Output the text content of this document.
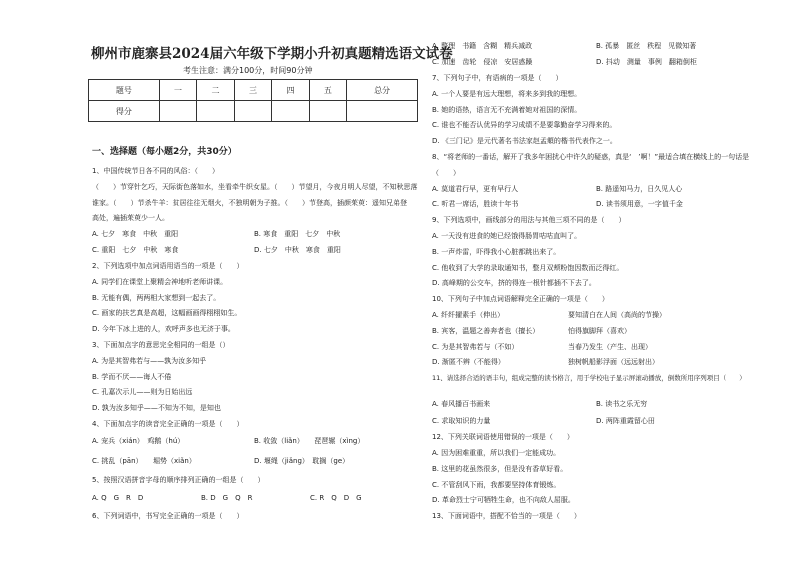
柳州市鹿寨县2024届六年级下学期小升初真题精选语文试卷
考生注意：满分100分，时间90分钟
题号	一	二	三	四	五	总分
得分						
一、选择题（每小题2分，共30分）
1、中国传统节日各不同的风俗：（　　）
（　　）节穿针乞巧，天际街色落如水，坐看牵牛织女星。（　　）节望月，今夜月明人尽望，不知秋思落
谁家。（　　）节杀牛羊：贫居往往无烟火，不独明朝为子推。（　　）节登高，插颜茱萸：遥知兄弟登
高处，遍插茱萸少一人。
A. 七夕　寒食　中秋　重阳	B. 寒食　重阳　七夕　中秋
C. 重阳　七夕　中秋　寒食	D. 七夕　中秋　寒食　重阳
2、下列选项中加点词语用语当的一项是（　　）
A. 同学们在课堂上聚精会神地听老师讲课。
B. 无能有偶，两两相大家想到一起去了。
C. 画家的扶艺真是高超，这幅画画得栩栩如生。
D. 今年下冰上进的人，欢呼声多也无济于事。
3、下面加点字的意思完全相同的一组是（）
A. 为是其智弗若与——孰为汝多知乎
B. 学而不厌——诲人不倦
C. 孔嘉次示儿——则为日始出远
D. 孰为汝多知乎——不知为不知，是知也
4、下面加点字的读音完全正确的一项是（　　）
A. 宠兵（xián）　鸡鹅（hú）	B. 收敛（liǎn）　　琵琶辗（xìng）
C. 挑乱（pān）　　堀势（xiǎn）	D. 堰绳（jiǎng）　耽搁（ge）
5、按照汉语拼音字母的顺序排列正确的一组是（　　）
A. Q　G　R　D	B. D　G　Q　R	C. R　Q　D　G
6、下列词语中，书写完全正确的一项是（　　）
A. 整理　书籍　含糊　精兵减政	B. 孤暴　匿丝　秩程　见微知著
C. 加速　齿轮　侵凉　安居惑躁	D. 抖动　测量　事例　翻箱倒柜
7、下列句子中，有语病的一项是（　　）
A. 一个人要是有远大理想，将来多到我的理想。
B. 她的语热，语言无不充满着她对祖国的深情。
C. 谁也不能否认优异的学习成绩不是要靠勤奋学习得来的。
D. 《三门记》是元代著名书法家赵孟頫的楷书代表作之一。
8、“将老师的一番话，解开了我多年困扰心中许久的疑惑，真是‘　’啊！”最适合填在横线上的一句话是
（　　）
A. 莫道君行早，更有早行人	B. 路遥知马力，日久见人心
C. 听君一席话，胜读十年书	D. 读书须用意，一字值千金
9、下列选项中，画线部分的用法与其他三项不同的是（　　）
A. 一天没有进食的她已经饿得肠胃咕咕直叫了。
B. 一声炸雷，吓得我小心脏都跳出来了。
C. 他收到了大学的录取通知书，整月双颊粉饱因数而泛得红。
D. 高峰期的公交车，挤的得连一根针都插不下去了。
10、下列句子中加点词语解释完全正确的一项是（　　）
A. 纤纤擢素手（伸出）	要知清白在人间（高尚的节操）
B. 宾客，温题之善奔者也（擅长）	怕得旗脚拜（喜欢）
C. 为是其智弗若与（不如）	当春乃发生（产生、出现）
D. 渐匿不辨（不能得）	独树帆船影浮面（远远射出）
11、请选择合适的语丰句，组成完整的读书格言，用于学校电子显示屏滚动播放，倒数所用序列项目（　　）
A. 春风播百书画来	B. 读书之乐无穷
C. 求取知识的力量	D. 两阵重霞留心田
12、下列关联词语使用错误的一项是（　　）
A. 因为困难重重，所以我们一定能成功。
B. 这里的花虽然很多，但是没有香草好看。
C. 不管刮风下雨，我都要坚持体育锻炼。
D. 革命烈士宁可牺牲生命，也不向敌人屈服。
13、下面词语中，搭配不恰当的一项是（　　）
